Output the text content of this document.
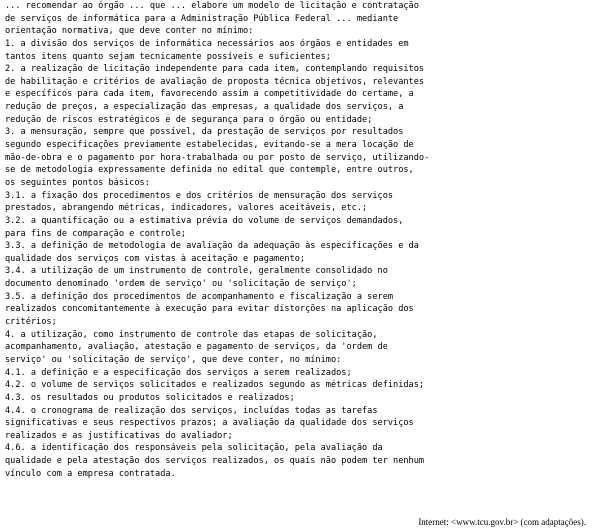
... recomendar ao órgão ... que ... elabore um modelo de licitação e contratação
de serviços de informática para a Administração Pública Federal ... mediante
orientação normativa, que deve conter no mínimo:
1. a divisão dos serviços de informática necessários aos órgãos e entidades em
tantos itens quanto sejam tecnicamente possíveis e suficientes;
2. a realização de licitação independente para cada item, contemplando requisitos
de habilitação e critérios de avaliação de proposta técnica objetivos, relevantes
e específicos para cada item, favorecendo assim a competitividade do certame, a
redução de preços, a especialização das empresas, a qualidade dos serviços, a
redução de riscos estratégicos e de segurança para o órgão ou entidade;
3. a mensuração, sempre que possível, da prestação de serviços por resultados
segundo especificações previamente estabelecidas, evitando-se a mera locação de
mão-de-obra e o pagamento por hora-trabalhada ou por posto de serviço, utilizando-
se de metodologia expressamente definida no edital que contemple, entre outros,
os seguintes pontos básicos:
3.1. a fixação dos procedimentos e dos critérios de mensuração dos serviços
prestados, abrangendo métricas, indicadores, valores aceitáveis, etc.;
3.2. a quantificação ou a estimativa prévia do volume de serviços demandados,
para fins de comparação e controle;
3.3. a definição de metodologia de avaliação da adequação às especificações e da
qualidade dos serviços com vistas à aceitação e pagamento;
3.4. a utilização de um instrumento de controle, geralmente consolidado no
documento denominado 'ordem de serviço' ou 'solicitação de serviço';
3.5. a definição dos procedimentos de acompanhamento e fiscalização a serem
realizados concomitantemente à execução para evitar distorções na aplicação dos
critérios;
4. a utilização, como instrumento de controle das etapas de solicitação,
acompanhamento, avaliação, atestação e pagamento de serviços, da 'ordem de
serviço' ou 'solicitação de serviço', que deve conter, no mínimo:
4.1. a definição e a especificação dos serviços a serem realizados;
4.2. o volume de serviços solicitados e realizados segundo as métricas definidas;
4.3. os resultados ou produtos solicitados e realizados;
4.4. o cronograma de realização dos serviços, incluídas todas as tarefas
significativas e seus respectivos prazos; a avaliação da qualidade dos serviços
realizados e as justificativas do avaliador;
4.6. a identificação dos responsáveis pela solicitação, pela avaliação da
qualidade e pela atestação dos serviços realizados, os quais não podem ter nenhum
vínculo com a empresa contratada.
Internet: <www.tcu.gov.br> (com adaptações).
